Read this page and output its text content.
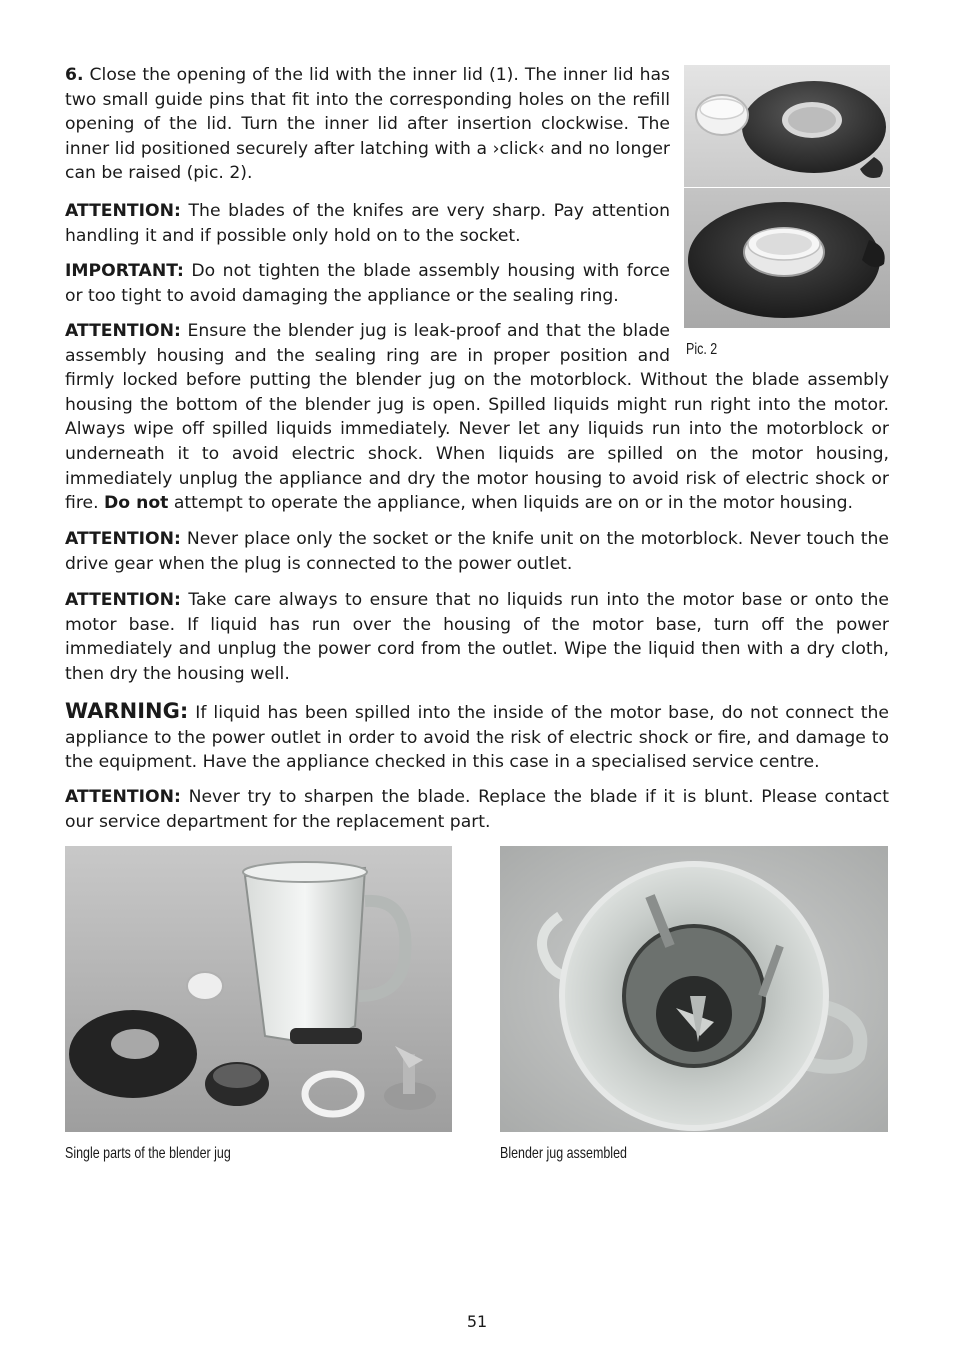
6. Close the opening of the lid with the inner lid (1). The inner lid has two small guide pins that fit into the corresponding holes on the refill opening of the lid. Turn the inner lid after insertion clockwise. The inner lid positioned securely after latching with a ›click‹ and no longer can be raised (pic. 2).

ATTENTION: The blades of the knifes are very sharp. Pay attention handling it and if possible only hold on to the socket.

IMPORTANT: Do not tighten the blade assembly housing with force or too tight to avoid damaging the appliance or the sealing ring.

ATTENTION: Ensure the blender jug is leak-proof and that the blade assembly housing and the sealing ring are in proper position and firmly locked before putting the blender jug on the motorblock. Without the blade assembly housing the bottom of the blender jug is open. Spilled liquids might run right into the motor. Always wipe off spilled liquids immediately. Never let any liquids run into the motorblock or underneath it to avoid electric shock. When liquids are spilled on the motor housing, immediately unplug the appliance and dry the motor housing to avoid risk of electric shock or fire. Do not attempt to operate the appliance, when liquids are on or in the motor housing.

ATTENTION: Never place only the socket or the knife unit on the motorblock. Never touch the drive gear when the plug is connected to the power outlet.

ATTENTION: Take care always to ensure that no liquids run into the motor base or onto the motor base. If liquid has run over the housing of the motor base, turn off the power immediately and unplug the power cord from the outlet. Wipe the liquid then with a dry cloth, then dry the housing well.

WARNING: If liquid has been spilled into the inside of the motor base, do not connect the appliance to the power outlet in order to avoid the risk of electric shock or fire, and damage to the equipment. Have the appliance checked in this case in a specialised service centre.

ATTENTION: Never try to sharpen the blade. Replace the blade if it is blunt. Please contact our service department for the replacement part.

Pic. 2
Single parts of the blender jug	Blender jug assembled
51
